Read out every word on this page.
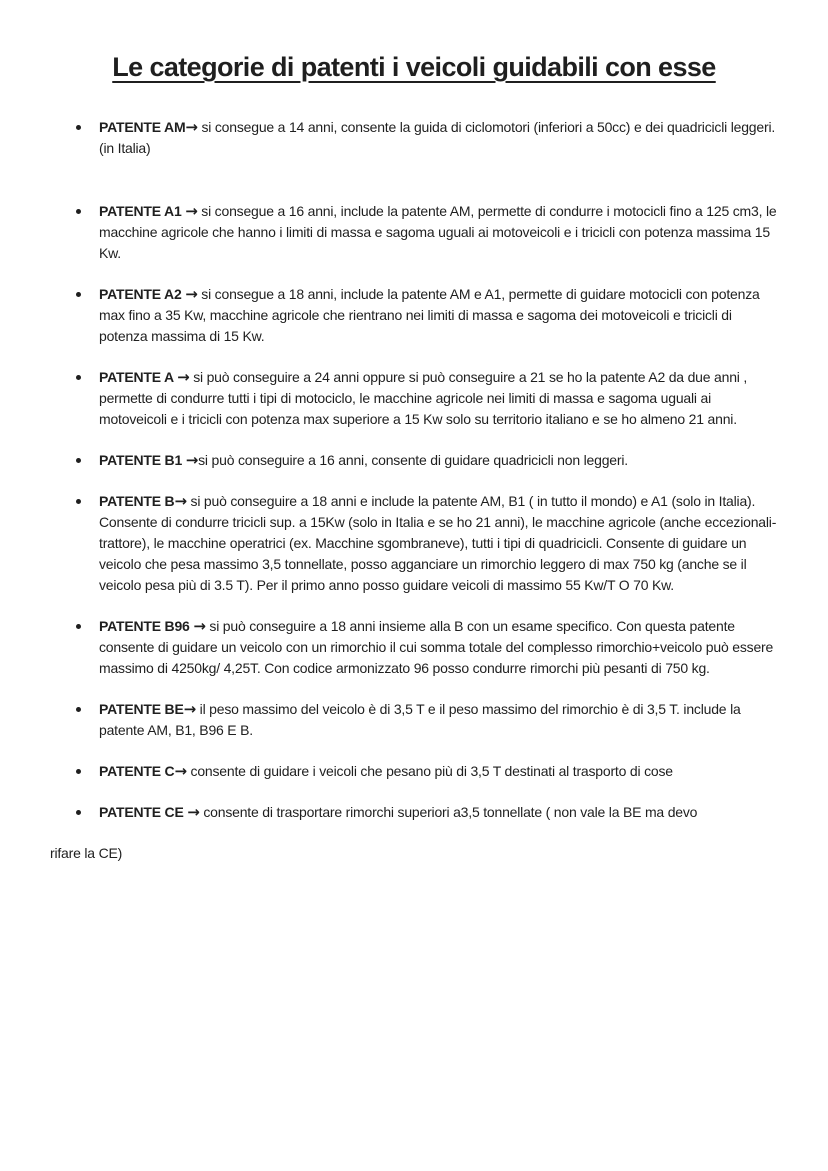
Le categorie di patenti i veicoli guidabili con esse
PATENTE AM→ si consegue a 14 anni, consente la guida di ciclomotori (inferiori a 50cc) e dei quadricicli leggeri. (in Italia)
PATENTE A1 → si consegue a 16 anni, include la patente AM, permette di condurre i motocicli fino a 125 cm3, le macchine agricole che hanno i limiti di massa e sagoma uguali ai motoveicoli e i tricicli con potenza massima 15 Kw.
PATENTE A2 → si consegue a 18 anni, include la patente AM e A1, permette di guidare motocicli con potenza max fino a 35 Kw, macchine agricole che rientrano nei limiti di massa e sagoma dei motoveicoli e tricicli di potenza massima di 15 Kw.
PATENTE A → si può conseguire a 24 anni oppure si può conseguire a 21 se ho la patente A2 da due anni , permette di condurre tutti i tipi di motociclo, le macchine agricole nei limiti di massa e sagoma uguali ai motoveicoli e i tricicli con potenza max superiore a 15 Kw solo su territorio italiano e se ho almeno 21 anni.
PATENTE B1 →si può conseguire a 16 anni, consente di guidare quadricicli non leggeri.
PATENTE B→ si può conseguire a 18 anni e include la patente AM, B1 ( in tutto il mondo) e A1 (solo in Italia). Consente di condurre tricicli sup. a 15Kw (solo in Italia e se ho 21 anni), le macchine agricole (anche eccezionali-trattore), le macchine operatrici (ex. Macchine sgombraneve), tutti i tipi di quadricicli. Consente di guidare un veicolo che pesa massimo 3,5 tonnellate, posso agganciare un rimorchio leggero di max 750 kg (anche se il veicolo pesa più di 3.5 T). Per il primo anno posso guidare veicoli di massimo 55 Kw/T O 70 Kw.
PATENTE B96 → si può conseguire a 18 anni insieme alla B con un esame specifico. Con questa patente consente di guidare un veicolo con un rimorchio il cui somma totale del complesso rimorchio+veicolo può essere massimo di 4250kg/ 4,25T. Con codice armonizzato 96 posso condurre rimorchi più pesanti di 750 kg.
PATENTE BE→ il peso massimo del veicolo è di 3,5 T e il peso massimo del rimorchio è di 3,5 T. include la patente AM, B1, B96 E B.
PATENTE C→ consente di guidare i veicoli che pesano più di 3,5 T destinati al trasporto di cose
PATENTE CE → consente di trasportare rimorchi superiori a3,5 tonnellate ( non vale la BE ma devo

rifare la CE)
